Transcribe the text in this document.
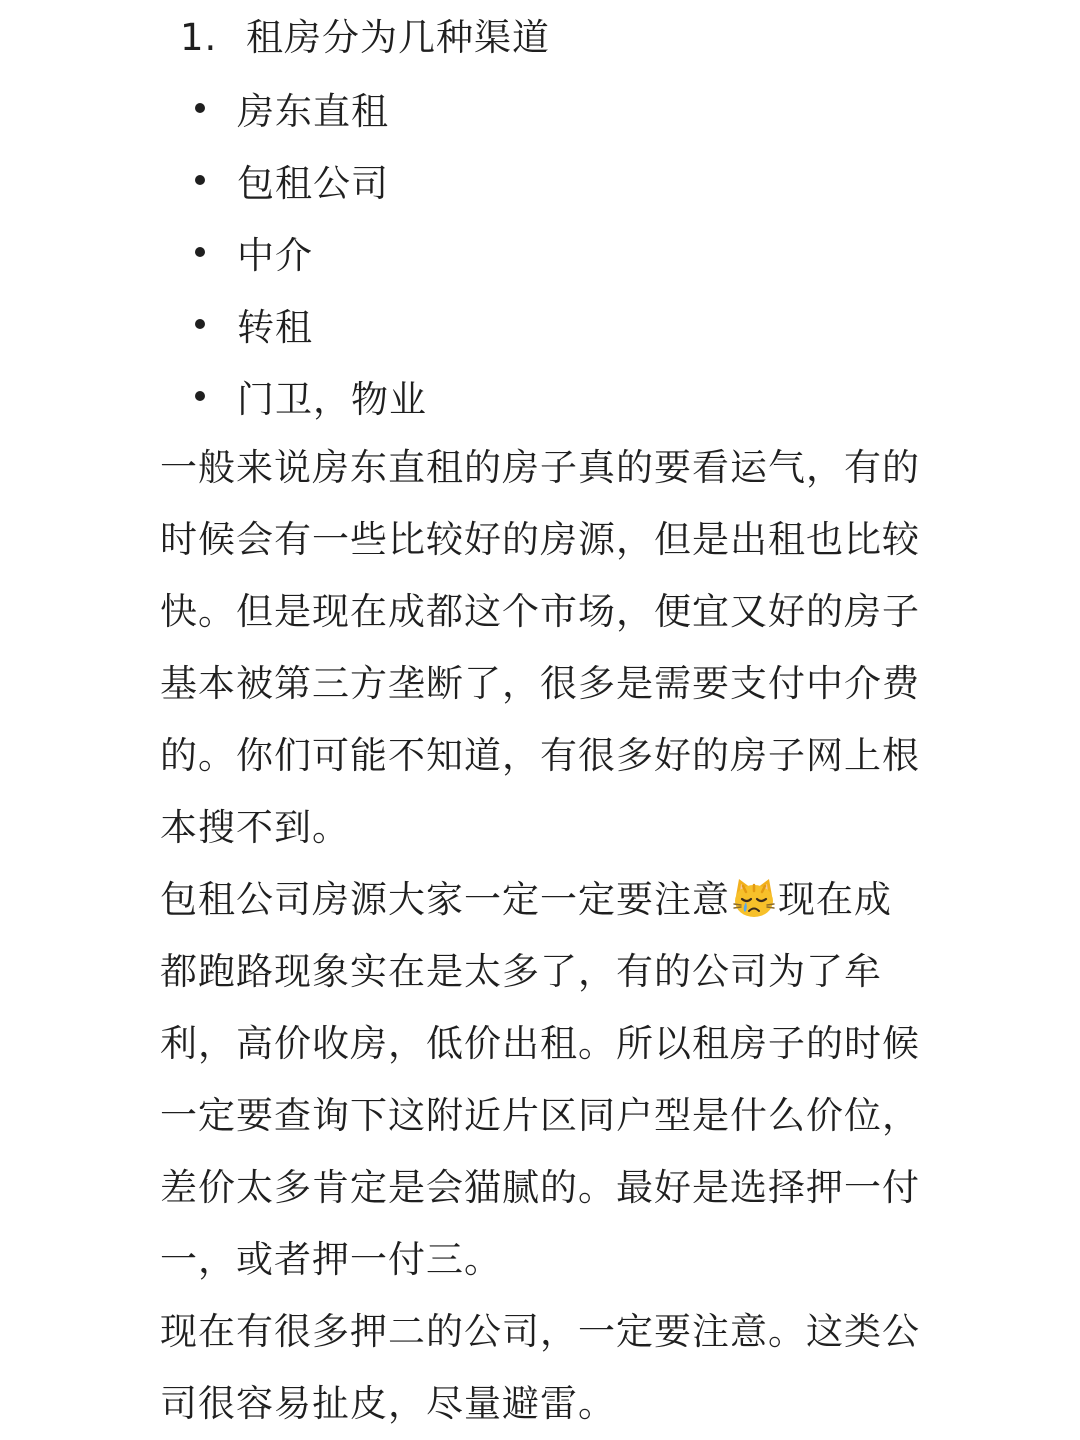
1. 租房分为几种渠道
房东直租
包租公司
中介
转租
门卫，物业

一般来说房东直租的房子真的要看运气，有的时候会有一些比较好的房源，但是出租也比较快。但是现在成都这个市场，便宜又好的房子基本被第三方垄断了，很多是需要支付中介费的。你们可能不知道，有很多好的房子网上根本搜不到。

包租公司房源大家一定一定要注意 现在成都跑路现象实在是太多了，有的公司为了牟利，高价收房，低价出租。所以租房子的时候一定要查询下这附近片区同户型是什么价位，差价太多肯定是会猫腻的。最好是选择押一付一，或者押一付三。

现在有很多押二的公司，一定要注意。这类公司很容易扯皮，尽量避雷。
